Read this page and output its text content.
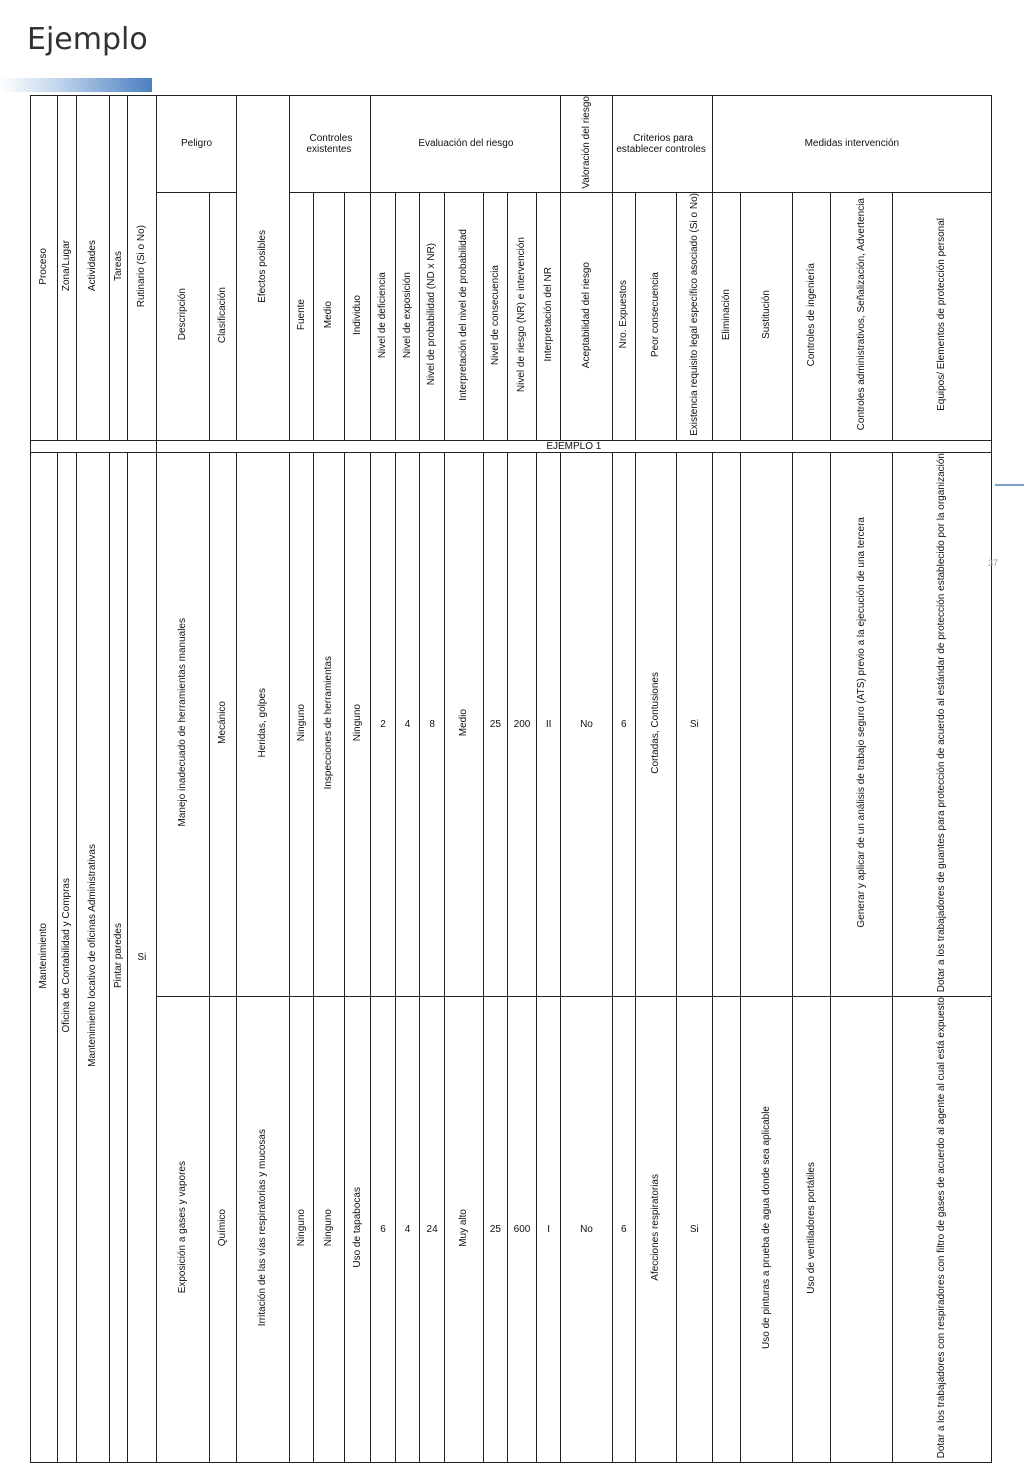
Ejemplo
Proceso	Zona/Lugar	Actividades	Tareas	Rutinario (Si o No)	Peligro		Efectos posibles	Controles existentes			Evaluación del riesgo							Valoración del riesgo	Criterios para establecer controles			Medidas intervención				
					Descripción	Clasificación		Fuente	Medio	Individuo	Nivel de deficiencia	Nivel de exposición	Nivel de probabilidad (ND x NR)	Interpretación del nivel de probabilidad	Nivel de consecuencia	Nivel de riesgo (NR) e intervención	Interpretación del NR	Aceptabilidad del riesgo	Nro. Expuestos	Peor consecuencia	Existencia requisito legal específico asociado (Si o No)	Eliminación	Sustitución	Controles de ingeniería	Controles administrativos, Señalización, Advertencia	Equipos/ Elementos de protección personal
					EJEMPLO 1																					
Mantenimiento	Oficina de Contabilidad y Compras	Mantenimiento locativo de oficinas Administrativas	Pintar paredes	Si	Manejo inadecuado de herramientas manuales	Mecánico	Heridas, golpes	Ninguno	Inspecciones de herramientas	Ninguno	2	4	8	Medio	25	200	II	No	6	Cortadas, Contusiones	Si				Generar y aplicar de un análisis de trabajo seguro (ATS) previo a la ejecución de una tercera	Dotar a los trabajadores de guantes para protección de acuerdo al estándar de protección establecido por la organización
					Exposición a gases y vapores	Químico	Irritación de las vías respiratorias y mucosas	Ninguno	Ninguno	Uso de tapabocas	6	4	24	Muy alto	25	600	I	No	6	Afecciones respiratorias	Si		Uso de pinturas a prueba de agua donde sea aplicable	Uso de ventiladores portátiles		Dotar a los trabajadores con respiradores con filtro de gases de acuerdo al agente al cual está expuesto
37
